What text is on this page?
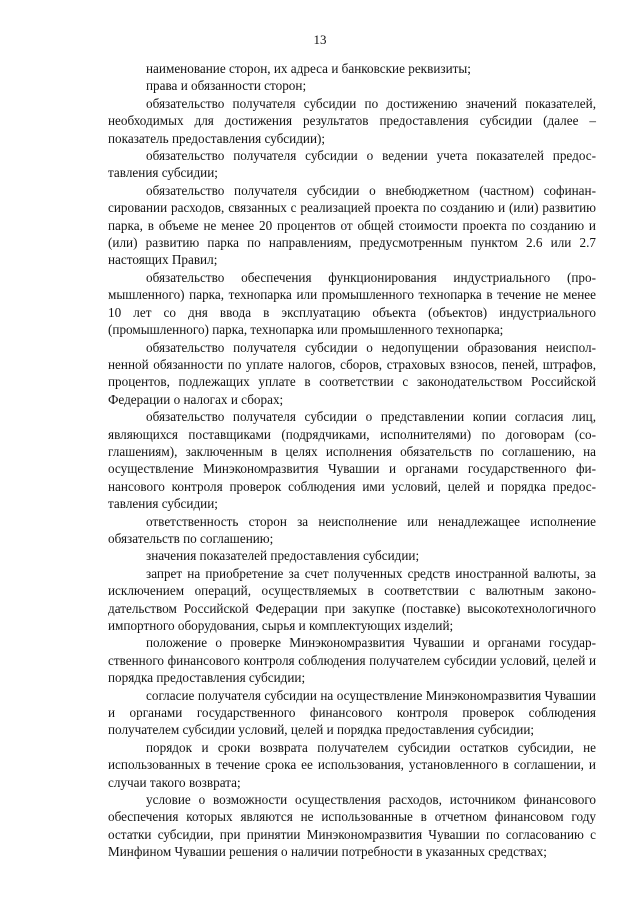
13

наименование сторон, их адреса и банковские реквизиты;

права и обязанности сторон;

обязательство получателя субсидии по достижению значений показателей, необходимых для достижения результатов предоставления субсидии (далее – показатель предоставления субсидии);

обязательство получателя субсидии о ведении учета показателей предоставления субсидии;

обязательство получателя субсидии о внебюджетном (частном) софинансировании расходов, связанных с реализацией проекта по созданию и (или) развитию парка, в объеме не менее 20 процентов от общей стоимости проекта по созданию и (или) развитию парка по направлениям, предусмотренным пунктом 2.6 или 2.7 настоящих Правил;

обязательство обеспечения функционирования индустриального (промышленного) парка, технопарка или промышленного технопарка в течение не менее 10 лет со дня ввода в эксплуатацию объекта (объектов) индустриального (промышленного) парка, технопарка или промышленного технопарка;

обязательство получателя субсидии о недопущении образования неисполненной обязанности по уплате налогов, сборов, страховых взносов, пеней, штрафов, процентов, подлежащих уплате в соответствии с законодательством Российской Федерации о налогах и сборах;

обязательство получателя субсидии о представлении копии согласия лиц, являющихся поставщиками (подрядчиками, исполнителями) по договорам (соглашениям), заключенным в целях исполнения обязательств по соглашению, на осуществление Минэкономразвития Чувашии и органами государственного финансового контроля проверок соблюдения ими условий, целей и порядка предоставления субсидии;

ответственность сторон за неисполнение или ненадлежащее исполнение обязательств по соглашению;

значения показателей предоставления субсидии;

запрет на приобретение за счет полученных средств иностранной валюты, за исключением операций, осуществляемых в соответствии с валютным законодательством Российской Федерации при закупке (поставке) высокотехнологичного импортного оборудования, сырья и комплектующих изделий;

положение о проверке Минэкономразвития Чувашии и органами государственного финансового контроля соблюдения получателем субсидии условий, целей и порядка предоставления субсидии;

согласие получателя субсидии на осуществление Минэкономразвития Чувашии и органами государственного финансового контроля проверок соблюдения получателем субсидии условий, целей и порядка предоставления субсидии;

порядок и сроки возврата получателем субсидии остатков субсидии, не использованных в течение срока ее использования, установленного в соглашении, и случаи такого возврата;

условие о возможности осуществления расходов, источником финансового обеспечения которых являются не использованные в отчетном финансовом году остатки субсидии, при принятии Минэкономразвития Чувашии по согласованию с Минфином Чувашии решения о наличии потребности в указанных средствах;
